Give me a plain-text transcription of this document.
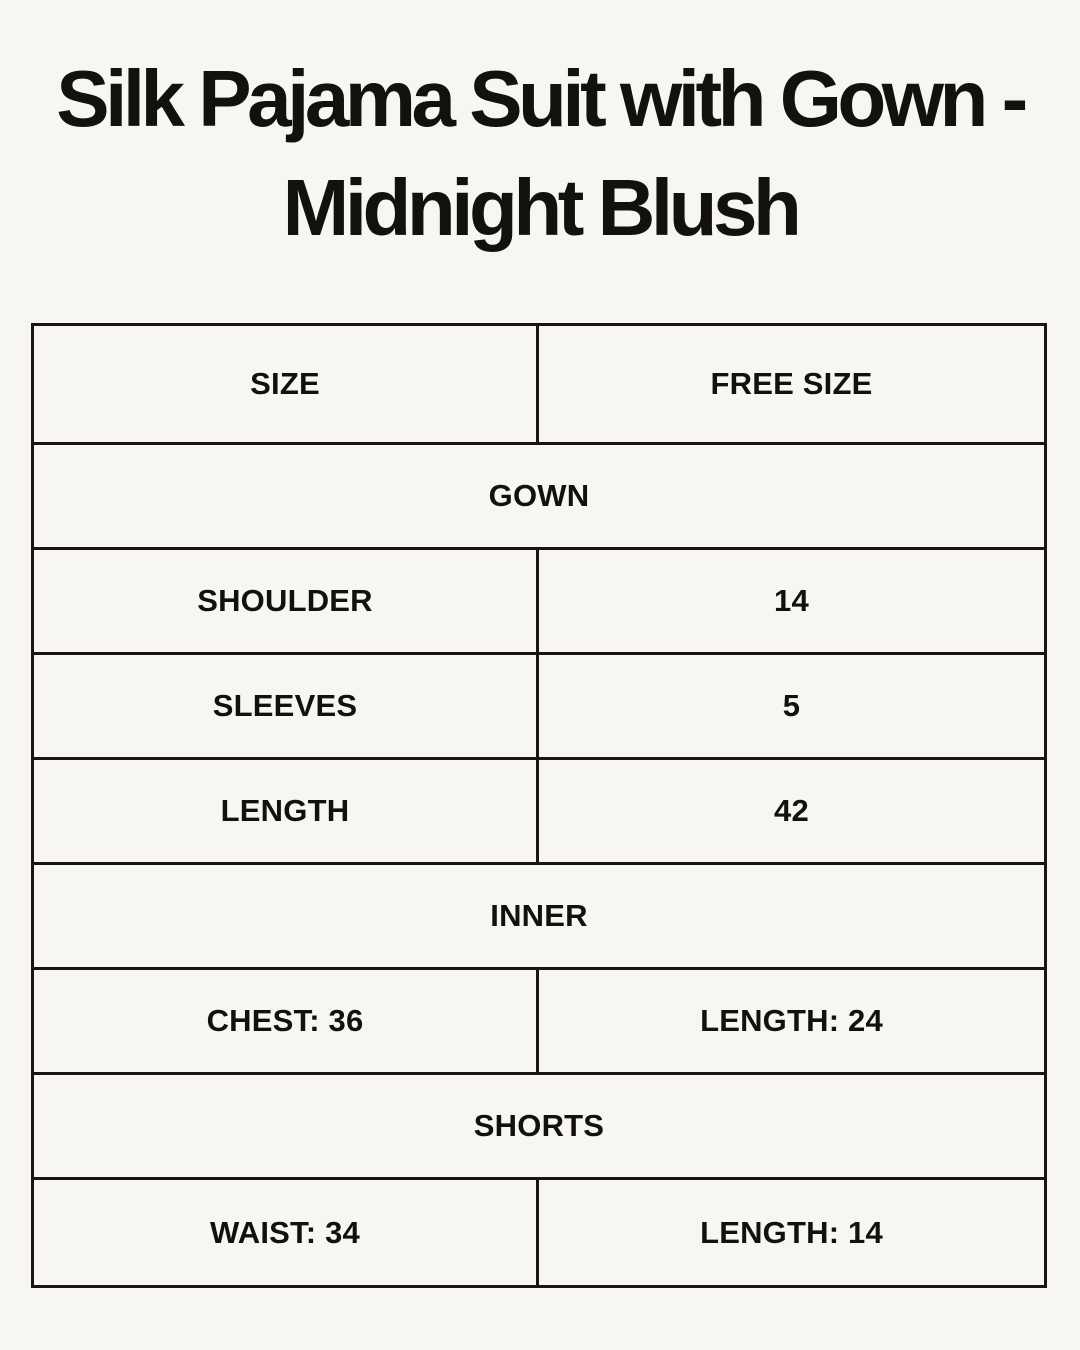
Silk Pajama Suit with Gown -
Midnight Blush
SIZE	FREE SIZE
GOWN
SHOULDER	14
SLEEVES	5
LENGTH	42
INNER
CHEST: 36	LENGTH: 24
SHORTS
WAIST: 34	LENGTH: 14
